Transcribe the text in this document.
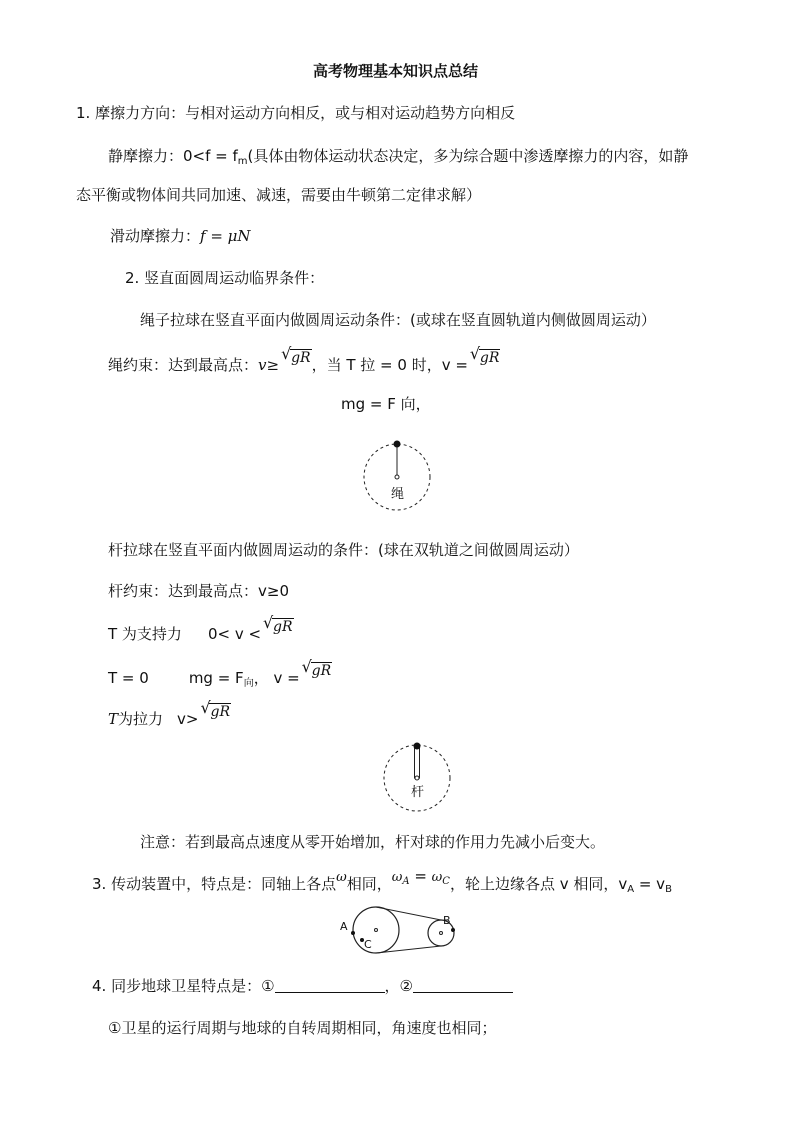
高考物理基本知识点总结
1. 摩擦力方向：与相对运动方向相反，或与相对运动趋势方向相反
静摩擦力：$0<f = f_m$(具体由物体运动状态决定，多为综合题中渗透摩擦力的内容，如静
态平衡或物体间共同加速、减速，需要由牛顿第二定律求解）
滑动摩擦力：f = μN
2. 竖直面圆周运动临界条件：
绳子拉球在竖直平面内做圆周运动条件：(或球在竖直圆轨道内侧做圆周运动）
绳约束：达到最高点：v≥
√ gR，当 T 拉 = 0 时，v =
√ gR
mg = F 向，
绳
杆拉球在竖直平面内做圆周运动的条件：(球在双轨道之间做圆周运动）
杆约束：达到最高点：v≥0
T 为支持力 0< v <
√ gR
T = 0	mg = $F_向$， v =
√ gR
T为拉力 v>
√ gR
杆
注意：若到最高点速度从零开始增加，杆对球的作用力先减小后变大。
3. 传动装置中，特点是：同轴上各点ω相同，$\omega^A = \omega^C$，轮上边缘各点 v 相同，$v_A = v_B$
A	B
C
4. 同步地球卫星特点是：①	，②
①卫星的运行周期与地球的自转周期相同，角速度也相同；
